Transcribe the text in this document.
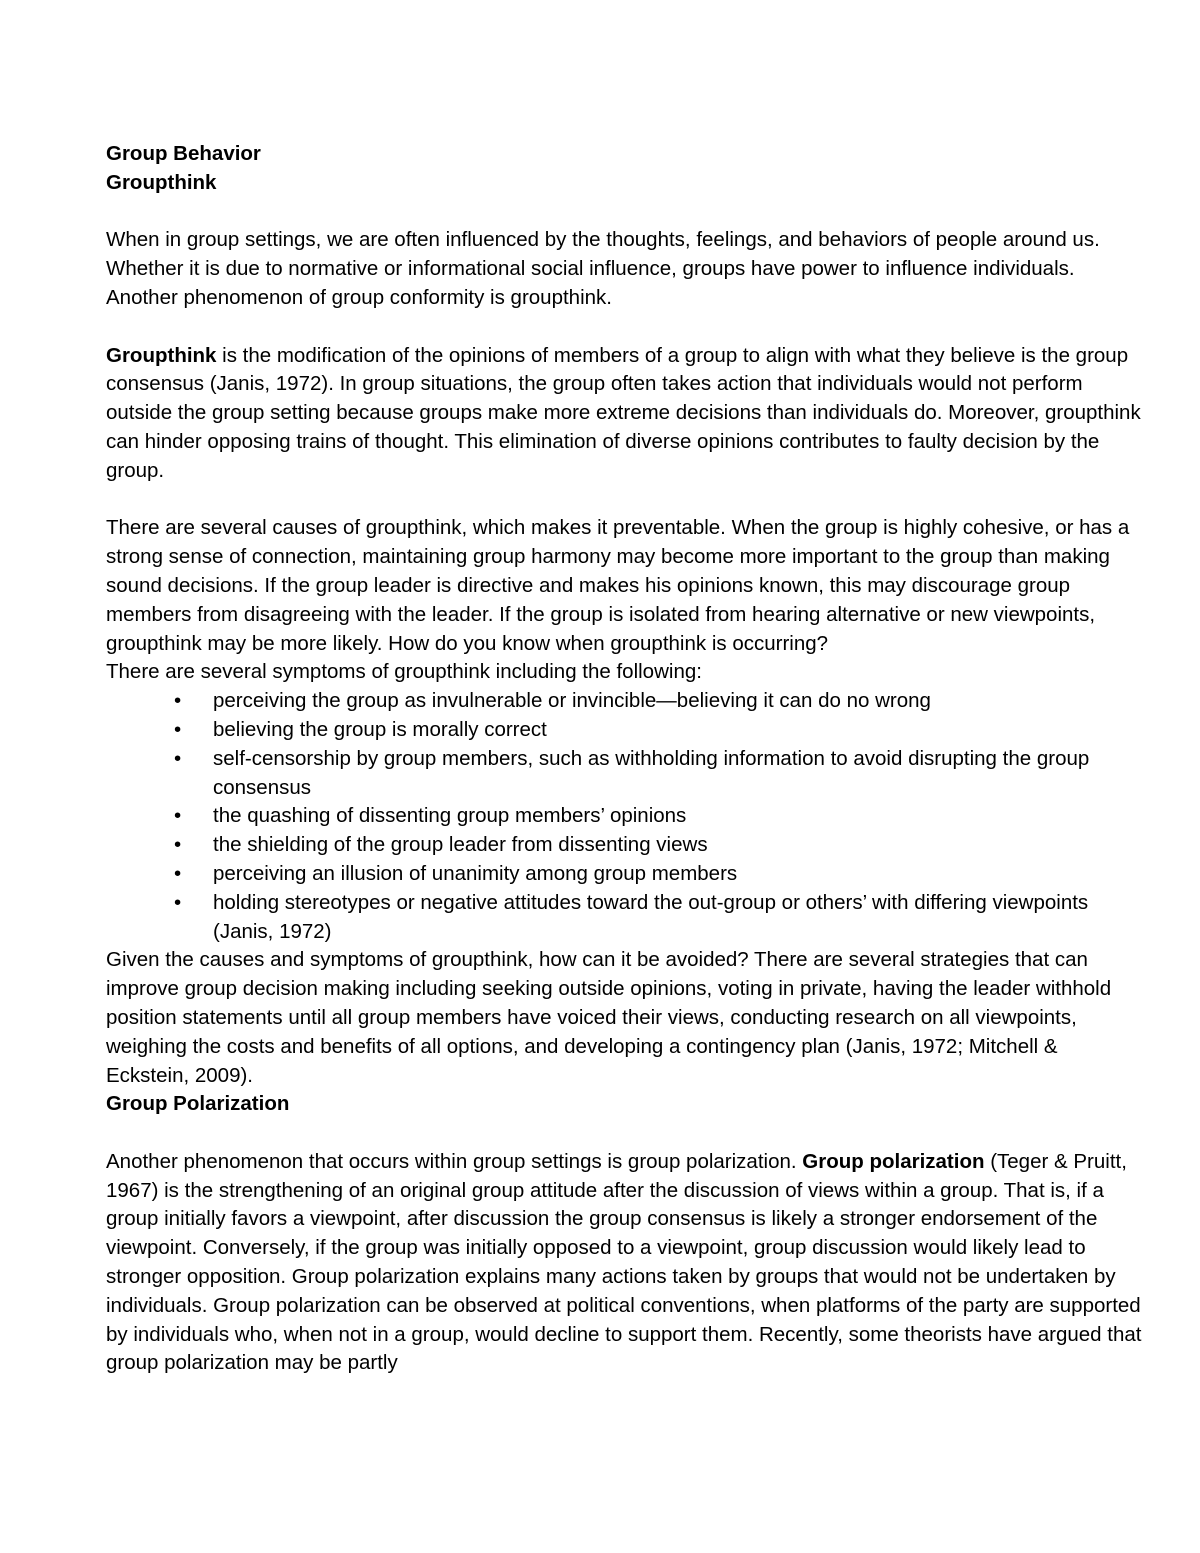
Group Behavior

Groupthink

When in group settings, we are often influenced by the thoughts, feelings, and behaviors of people around us. Whether it is due to normative or informational social influence, groups have power to influence individuals. Another phenomenon of group conformity is groupthink.

Groupthink is the modification of the opinions of members of a group to align with what they believe is the group consensus (Janis, 1972). In group situations, the group often takes action that individuals would not perform outside the group setting because groups make more extreme decisions than individuals do. Moreover, groupthink can hinder opposing trains of thought. This elimination of diverse opinions contributes to faulty decision by the group.

There are several causes of groupthink, which makes it preventable. When the group is highly cohesive, or has a strong sense of connection, maintaining group harmony may become more important to the group than making sound decisions. If the group leader is directive and makes his opinions known, this may discourage group members from disagreeing with the leader. If the group is isolated from hearing alternative or new viewpoints, groupthink may be more likely. How do you know when groupthink is occurring?

There are several symptoms of groupthink including the following:

• perceiving the group as invulnerable or invincible—believing it can do no wrong
• believing the group is morally correct
• self-censorship by group members, such as withholding information to avoid disrupting the group consensus
• the quashing of dissenting group members’ opinions
• the shielding of the group leader from dissenting views
• perceiving an illusion of unanimity among group members
• holding stereotypes or negative attitudes toward the out-group or others’ with differing viewpoints (Janis, 1972)

Given the causes and symptoms of groupthink, how can it be avoided? There are several strategies that can improve group decision making including seeking outside opinions, voting in private, having the leader withhold position statements until all group members have voiced their views, conducting research on all viewpoints, weighing the costs and benefits of all options, and developing a contingency plan (Janis, 1972; Mitchell & Eckstein, 2009).

Group Polarization

Another phenomenon that occurs within group settings is group polarization. Group polarization (Teger & Pruitt, 1967) is the strengthening of an original group attitude after the discussion of views within a group. That is, if a group initially favors a viewpoint, after discussion the group consensus is likely a stronger endorsement of the viewpoint. Conversely, if the group was initially opposed to a viewpoint, group discussion would likely lead to stronger opposition. Group polarization explains many actions taken by groups that would not be undertaken by individuals. Group polarization can be observed at political conventions, when platforms of the party are supported by individuals who, when not in a group, would decline to support them. Recently, some theorists have argued that group polarization may be partly
